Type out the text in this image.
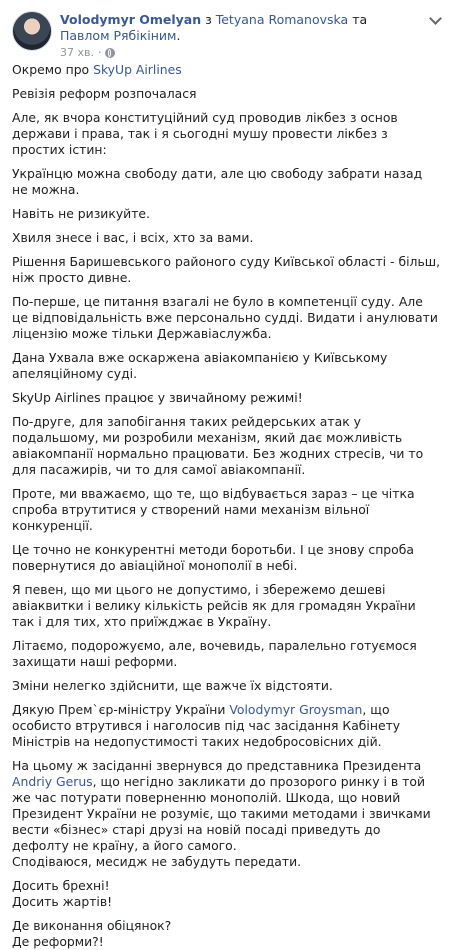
Volodymyr Omelyan з Tetyana Romanovska та Павлом Рябікіним.
37 хв. ·

Окремо про SkyUp Airlines

Ревізія реформ розпочалася

Але, як вчора конституційний суд проводив лікбез з основ держави і права, так і я сьогодні мушу провести лікбез з простих істин:

Українцю можна свободу дати, але цю свободу забрати назад не можна.

Навіть не ризикуйте.

Хвиля знесе і вас, і всіх, хто за вами.

Рішення Баришевського районого суду Київської області - більш, ніж просто дивне.

По-перше, це питання взагалі не було в компетенції суду. Але це відповідальність вже персонально судді. Видати і анулювати ліцензію може тільки Державіаслужба.

Дана Ухвала вже оскаржена авіакомпанією у Київському апеляційному суді.

SkyUp Airlines працює у звичайному режимі!

По-друге, для запобігання таких рейдерських атак у подальшому, ми розробили механізм, який дає можливість авіакомпанії нормально працювати. Без жодних стресів, чи то для пасажирів, чи то для самої авіакомпанії.

Проте, ми вважаємо, що те, що відбувається зараз – це чітка спроба втрутитися у створений нами механізм вільної конкуренції.

Це точно не конкурентні методи боротьби. І це знову спроба повернутися до авіаційної монополії в небі.

Я певен, що ми цього не допустимо, і збережемо дешеві авіаквитки і велику кількість рейсів як для громадян України так і для тих, хто приїжджає в Україну.

Літаємо, подорожуємо, але, вочевидь, паралельно готуємося захищати наші реформи.

Зміни нелегко здійснити, ще важче їх відстояти.

Дякую Прем`єр-міністру України Volodymyr Groysman, що особисто втрутився і наголосив під час засідання Кабінету Міністрів на недопустимості таких недобросовісних дій.

На цьому ж засіданні звернувся до представника Президента Andriy Gerus, що негідно закликати до прозорого ринку і в той же час потурати поверненню монополій. Шкода, що новий Президент України не розуміє, що такими методами і звичками вести «бізнес» старі друзі на новій посаді приведуть до дефолту не країну, а його самого.
Сподіваюся, месидж не забудуть передати.

Досить брехні!
Досить жартів!

Де виконання обіцянок?
Де реформи?!
